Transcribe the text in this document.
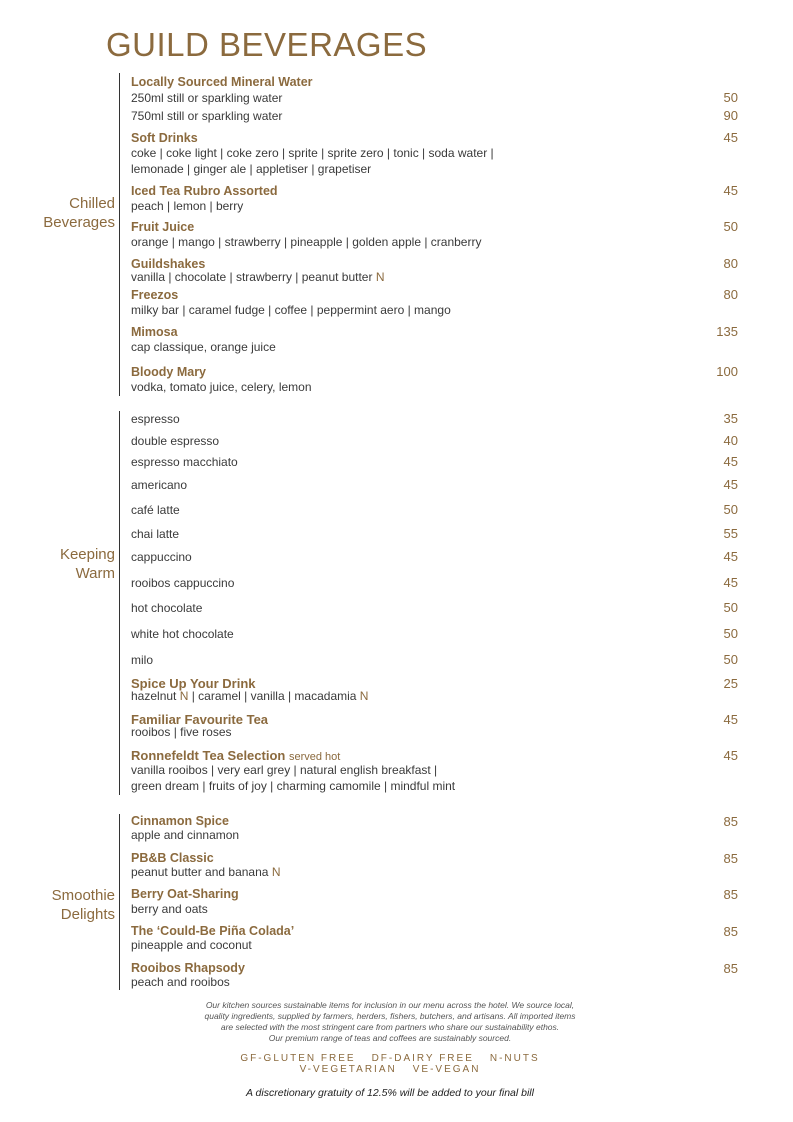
GUILD BEVERAGES
Chilled
Beverages
Keeping
Warm
Smoothie
Delights
Locally Sourced Mineral Water
250ml still or sparkling water	50
750ml still or sparkling water	90
Soft Drinks	45
coke | coke light | coke zero | sprite | sprite zero | tonic | soda water |
lemonade | ginger ale | appletiser | grapetiser
Iced Tea Rubro Assorted	45
peach | lemon | berry
Fruit Juice	50
orange | mango | strawberry | pineapple | golden apple | cranberry
Guildshakes	80
vanilla | chocolate | strawberry | peanut butter N
Freezos	80
milky bar | caramel fudge | coffee | peppermint aero | mango
Mimosa	135
cap classique, orange juice
Bloody Mary	100
vodka, tomato juice, celery, lemon
espresso	35
double espresso	40
espresso macchiato	45
americano	45
café latte	50
chai latte	55
cappuccino	45
rooibos cappuccino	45
hot chocolate	50
white hot chocolate	50
milo	50
Spice Up Your Drink	25
hazelnut N | caramel | vanilla | macadamia N
Familiar Favourite Tea	45
rooibos | five roses
Ronnefeldt Tea Selection served hot	45
vanilla rooibos | very earl grey | natural english breakfast |
green dream | fruits of joy | charming camomile | mindful mint
Cinnamon Spice	85
apple and cinnamon
PB&B Classic	85
peanut butter and banana N
Berry Oat-Sharing	85
berry and oats
The ‘Could-Be Piña Colada’	85
pineapple and coconut
Rooibos Rhapsody	85
peach and rooibos
Our kitchen sources sustainable items for inclusion in our menu across the hotel. We source local,
quality ingredients, supplied by farmers, herders, fishers, butchers, and artisans. All imported items
are selected with the most stringent care from partners who share our sustainability ethos.
Our premium range of teas and coffees are sustainably sourced.
GF-GLUTEN FREE DF-DAIRY FREE N-NUTS
V-VEGETARIAN VE-VEGAN
A discretionary gratuity of 12.5% will be added to your final bill
